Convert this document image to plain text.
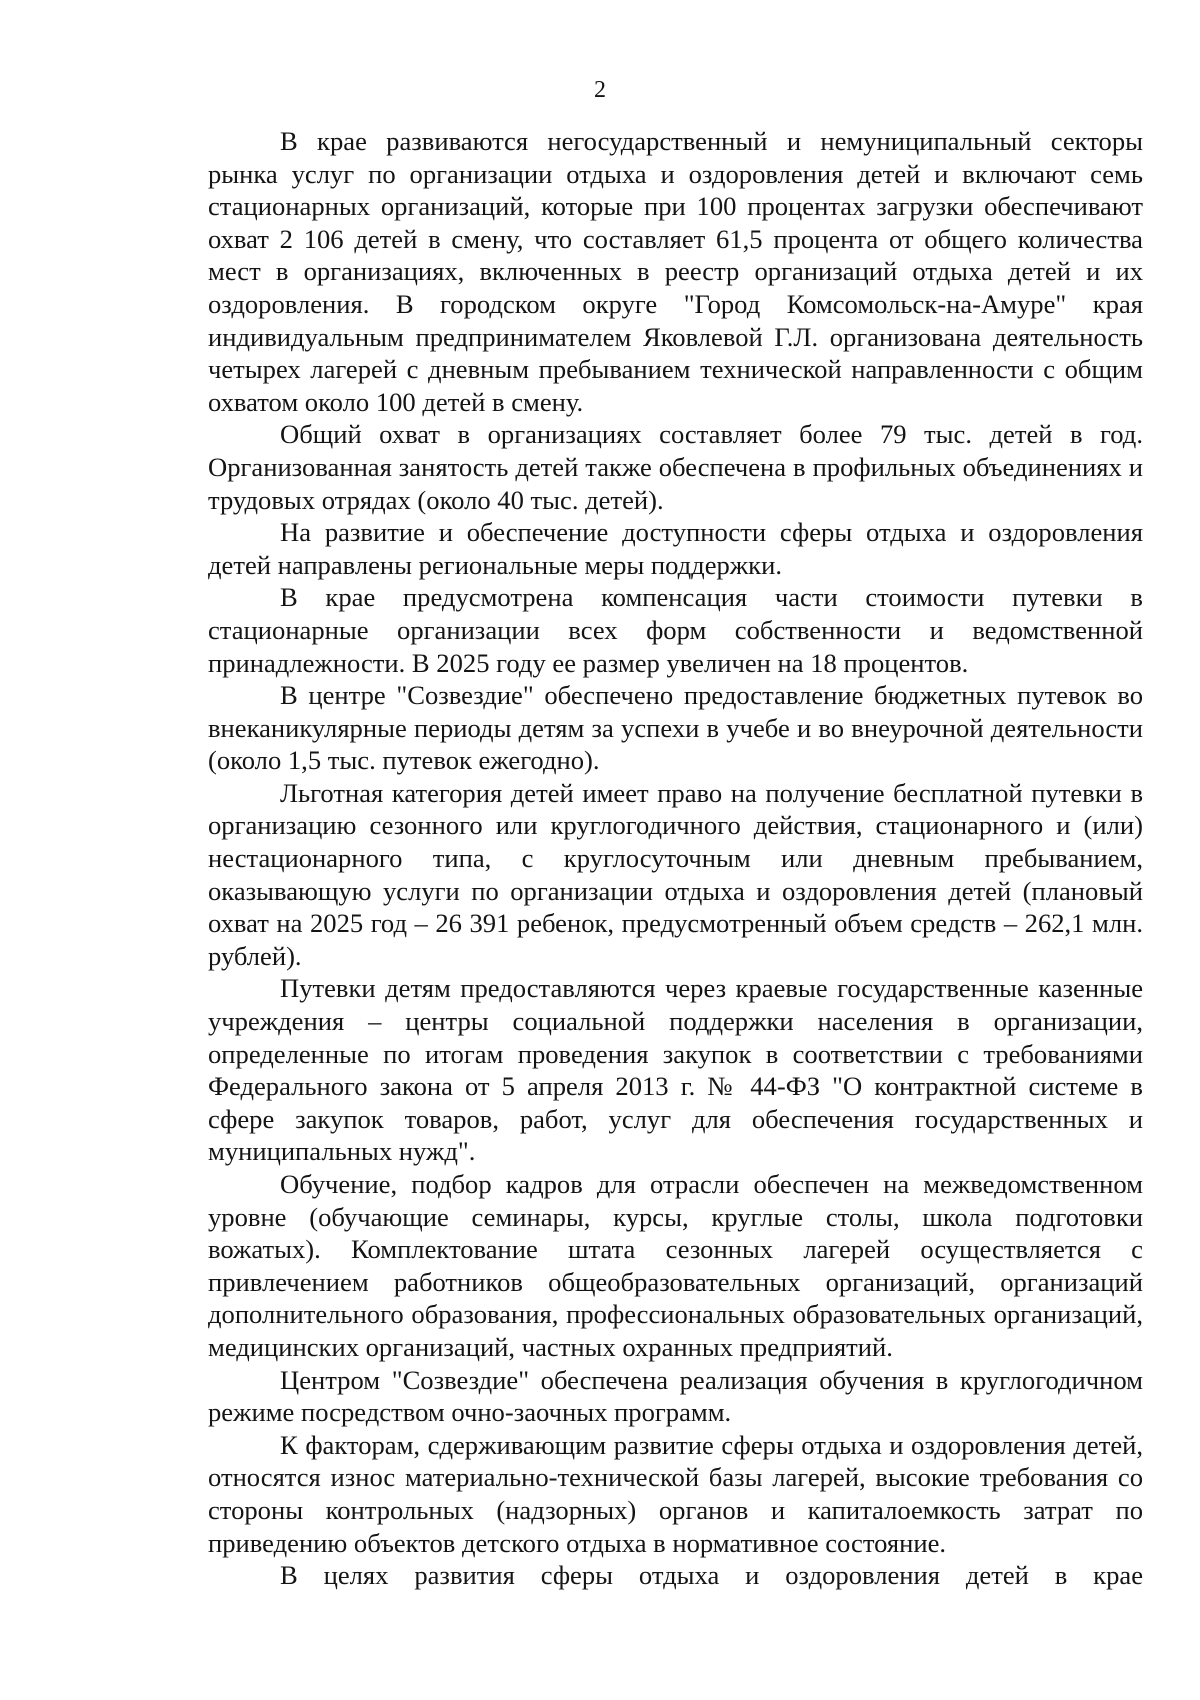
2

В крае развиваются негосударственный и немуниципальный секторы рынка услуг по организации отдыха и оздоровления детей и включают семь стационарных организаций, которые при 100 процентах загрузки обеспечивают охват 2 106 детей в смену, что составляет 61,5 процента от общего количества мест в организациях, включенных в реестр организаций отдыха детей и их оздоровления. В городском округе "Город Комсомольск-на-Амуре" края индивидуальным предпринимателем Яковлевой Г.Л. организована деятельность четырех лагерей с дневным пребыванием технической направленности с общим охватом около 100 детей в смену.

Общий охват в организациях составляет более 79 тыс. детей в год. Организованная занятость детей также обеспечена в профильных объединениях и трудовых отрядах (около 40 тыс. детей).

На развитие и обеспечение доступности сферы отдыха и оздоровления детей направлены региональные меры поддержки.

В крае предусмотрена компенсация части стоимости путевки в стационарные организации всех форм собственности и ведомственной принадлежности. В 2025 году ее размер увеличен на 18 процентов.

В центре "Созвездие" обеспечено предоставление бюджетных путевок во внеканикулярные периоды детям за успехи в учебе и во внеурочной деятельности (около 1,5 тыс. путевок ежегодно).

Льготная категория детей имеет право на получение бесплатной путевки в организацию сезонного или круглогодичного действия, стационарного и (или) нестационарного типа, с круглосуточным или дневным пребыванием, оказывающую услуги по организации отдыха и оздоровления детей (плановый охват на 2025 год – 26 391 ребенок, предусмотренный объем средств – 262,1 млн. рублей).

Путевки детям предоставляются через краевые государственные казенные учреждения – центры социальной поддержки населения в организации, определенные по итогам проведения закупок в соответствии с требованиями Федерального закона от 5 апреля 2013 г. № 44-ФЗ "О контрактной системе в сфере закупок товаров, работ, услуг для обеспечения государственных и муниципальных нужд".

Обучение, подбор кадров для отрасли обеспечен на межведомственном уровне (обучающие семинары, курсы, круглые столы, школа подготовки вожатых). Комплектование штата сезонных лагерей осуществляется с привлечением работников общеобразовательных организаций, организаций дополнительного образования, профессиональных образовательных организаций, медицинских организаций, частных охранных предприятий.

Центром "Созвездие" обеспечена реализация обучения в круглогодичном режиме посредством очно-заочных программ.

К факторам, сдерживающим развитие сферы отдыха и оздоровления детей, относятся износ материально-технической базы лагерей, высокие требования со стороны контрольных (надзорных) органов и капиталоемкость затрат по приведению объектов детского отдыха в нормативное состояние.

В целях развития сферы отдыха и оздоровления детей в крае
